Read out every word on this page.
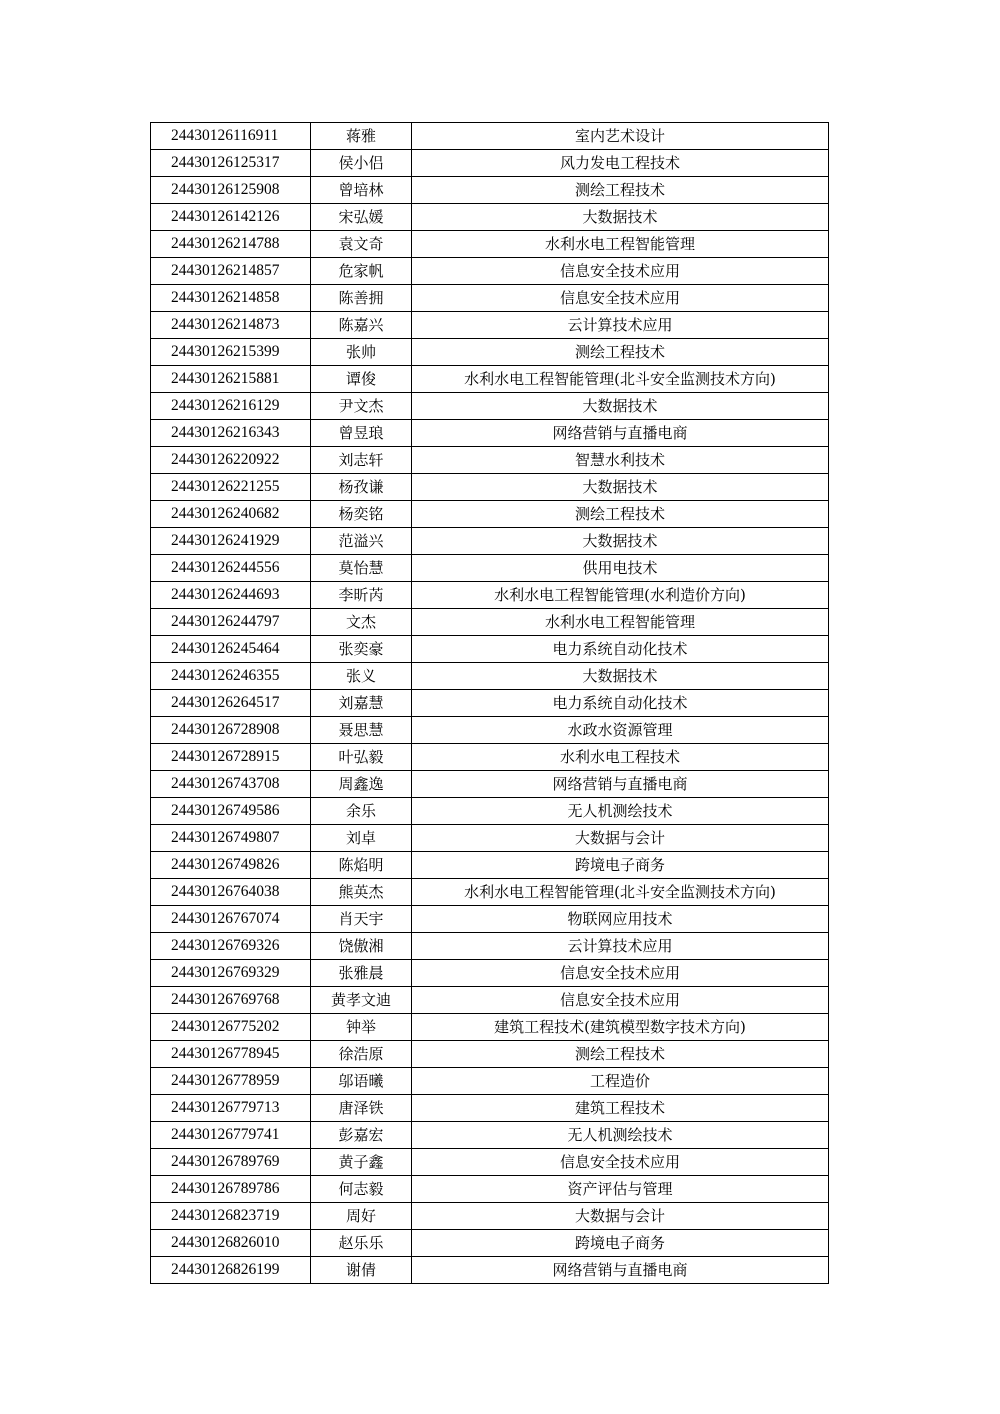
24430126116911	蒋雅	室内艺术设计
24430126125317	侯小侣	风力发电工程技术
24430126125908	曾培林	测绘工程技术
24430126142126	宋弘媛	大数据技术
24430126214788	袁文奇	水利水电工程智能管理
24430126214857	危家帆	信息安全技术应用
24430126214858	陈善拥	信息安全技术应用
24430126214873	陈嘉兴	云计算技术应用
24430126215399	张帅	测绘工程技术
24430126215881	谭俊	水利水电工程智能管理(北斗安全监测技术方向)
24430126216129	尹文杰	大数据技术
24430126216343	曾昱琅	网络营销与直播电商
24430126220922	刘志轩	智慧水利技术
24430126221255	杨孜谦	大数据技术
24430126240682	杨奕铭	测绘工程技术
24430126241929	范溢兴	大数据技术
24430126244556	莫怡慧	供用电技术
24430126244693	李昕芮	水利水电工程智能管理(水利造价方向)
24430126244797	文杰	水利水电工程智能管理
24430126245464	张奕豪	电力系统自动化技术
24430126246355	张义	大数据技术
24430126264517	刘嘉慧	电力系统自动化技术
24430126728908	聂思慧	水政水资源管理
24430126728915	叶弘毅	水利水电工程技术
24430126743708	周鑫逸	网络营销与直播电商
24430126749586	余乐	无人机测绘技术
24430126749807	刘卓	大数据与会计
24430126749826	陈焰明	跨境电子商务
24430126764038	熊英杰	水利水电工程智能管理(北斗安全监测技术方向)
24430126767074	肖天宇	物联网应用技术
24430126769326	饶傲湘	云计算技术应用
24430126769329	张雅晨	信息安全技术应用
24430126769768	黄孝文迪	信息安全技术应用
24430126775202	钟举	建筑工程技术(建筑模型数字技术方向)
24430126778945	徐浩原	测绘工程技术
24430126778959	邬语曦	工程造价
24430126779713	唐泽铁	建筑工程技术
24430126779741	彭嘉宏	无人机测绘技术
24430126789769	黄子鑫	信息安全技术应用
24430126789786	何志毅	资产评估与管理
24430126823719	周好	大数据与会计
24430126826010	赵乐乐	跨境电子商务
24430126826199	谢倩	网络营销与直播电商
